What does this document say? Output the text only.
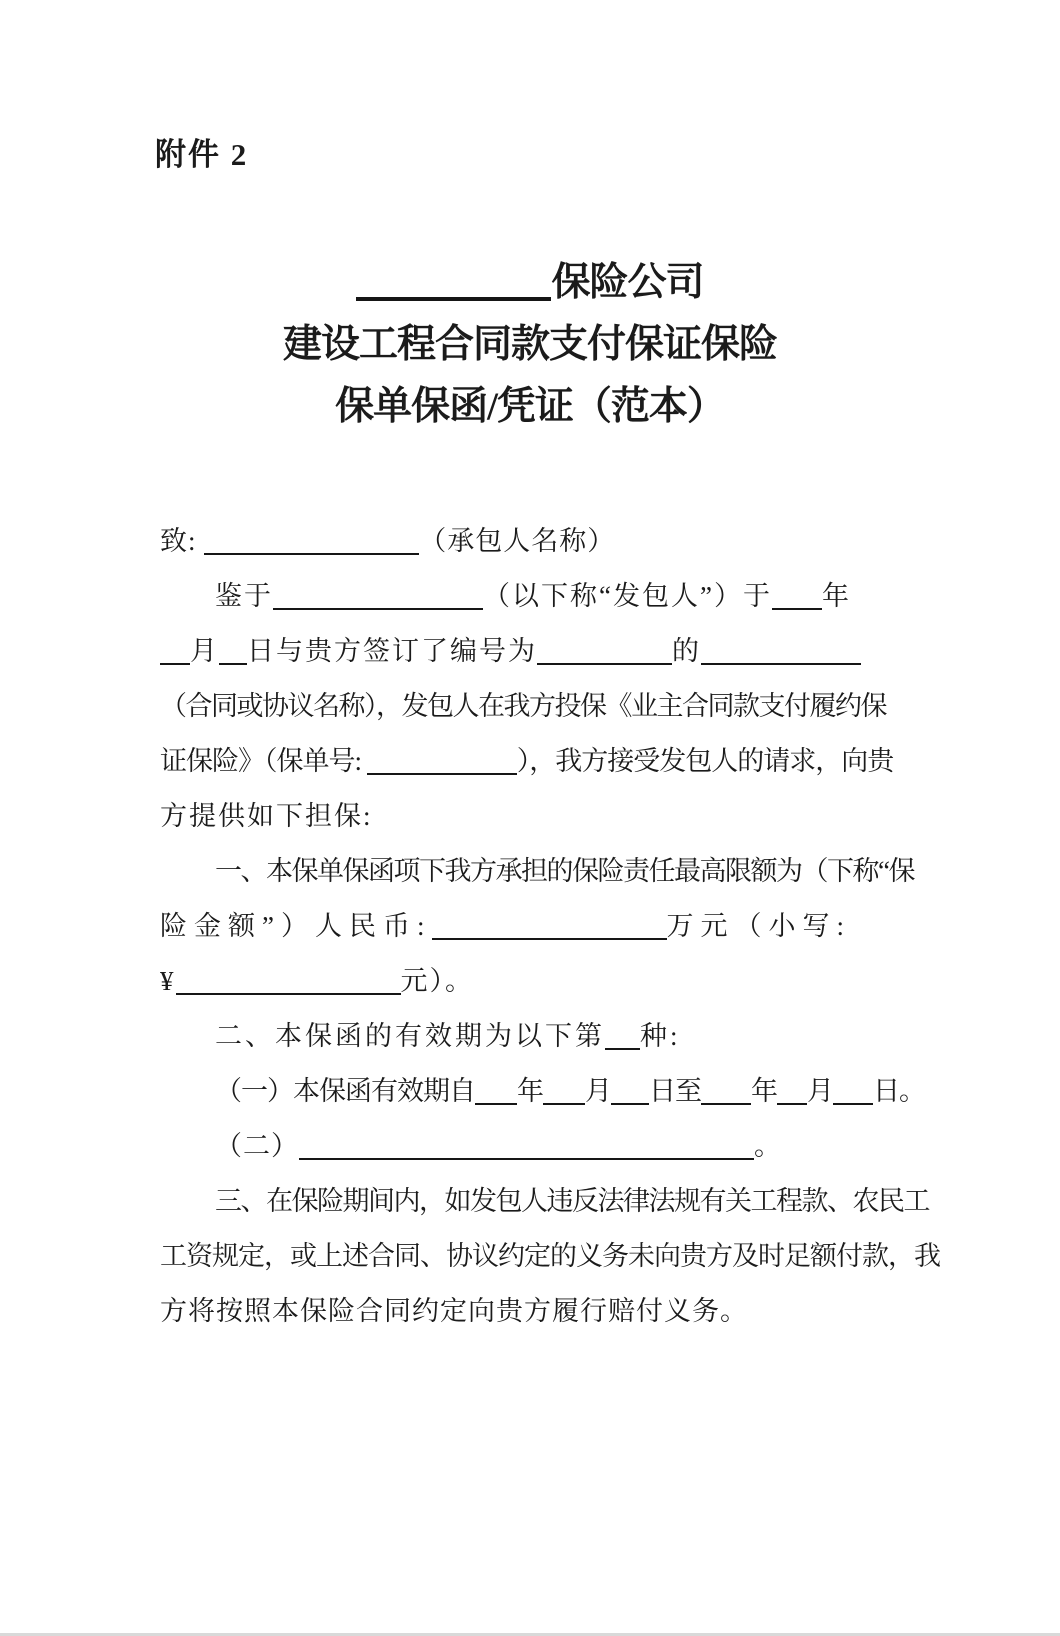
附件 2
保险公司
建设工程合同款支付保证保险
保单保函/凭证（范本）
致:	（承包人名称）
鉴于	（以下称“发包人”）于 年
月 日与贵方签订了编号为	的
（合同或协议名称），发包人在我方投保《业主合同款支付履约保
证保险》（保单号:	），我方接受发包人的请求，向贵
方提供如下担保:
一、本保单保函项下我方承担的保险责任最高限额为（下称“保
险金额”）人民币:	万元（小写:
¥	元）。
二、本保函的有效期为以下第 种:
（一）本保函有效期自 年 月 日至 年 月 日。
（二）	。
三、在保险期间内，如发包人违反法律法规有关工程款、农民工
工资规定，或上述合同、协议约定的义务未向贵方及时足额付款，我
方将按照本保险合同约定向贵方履行赔付义务。
